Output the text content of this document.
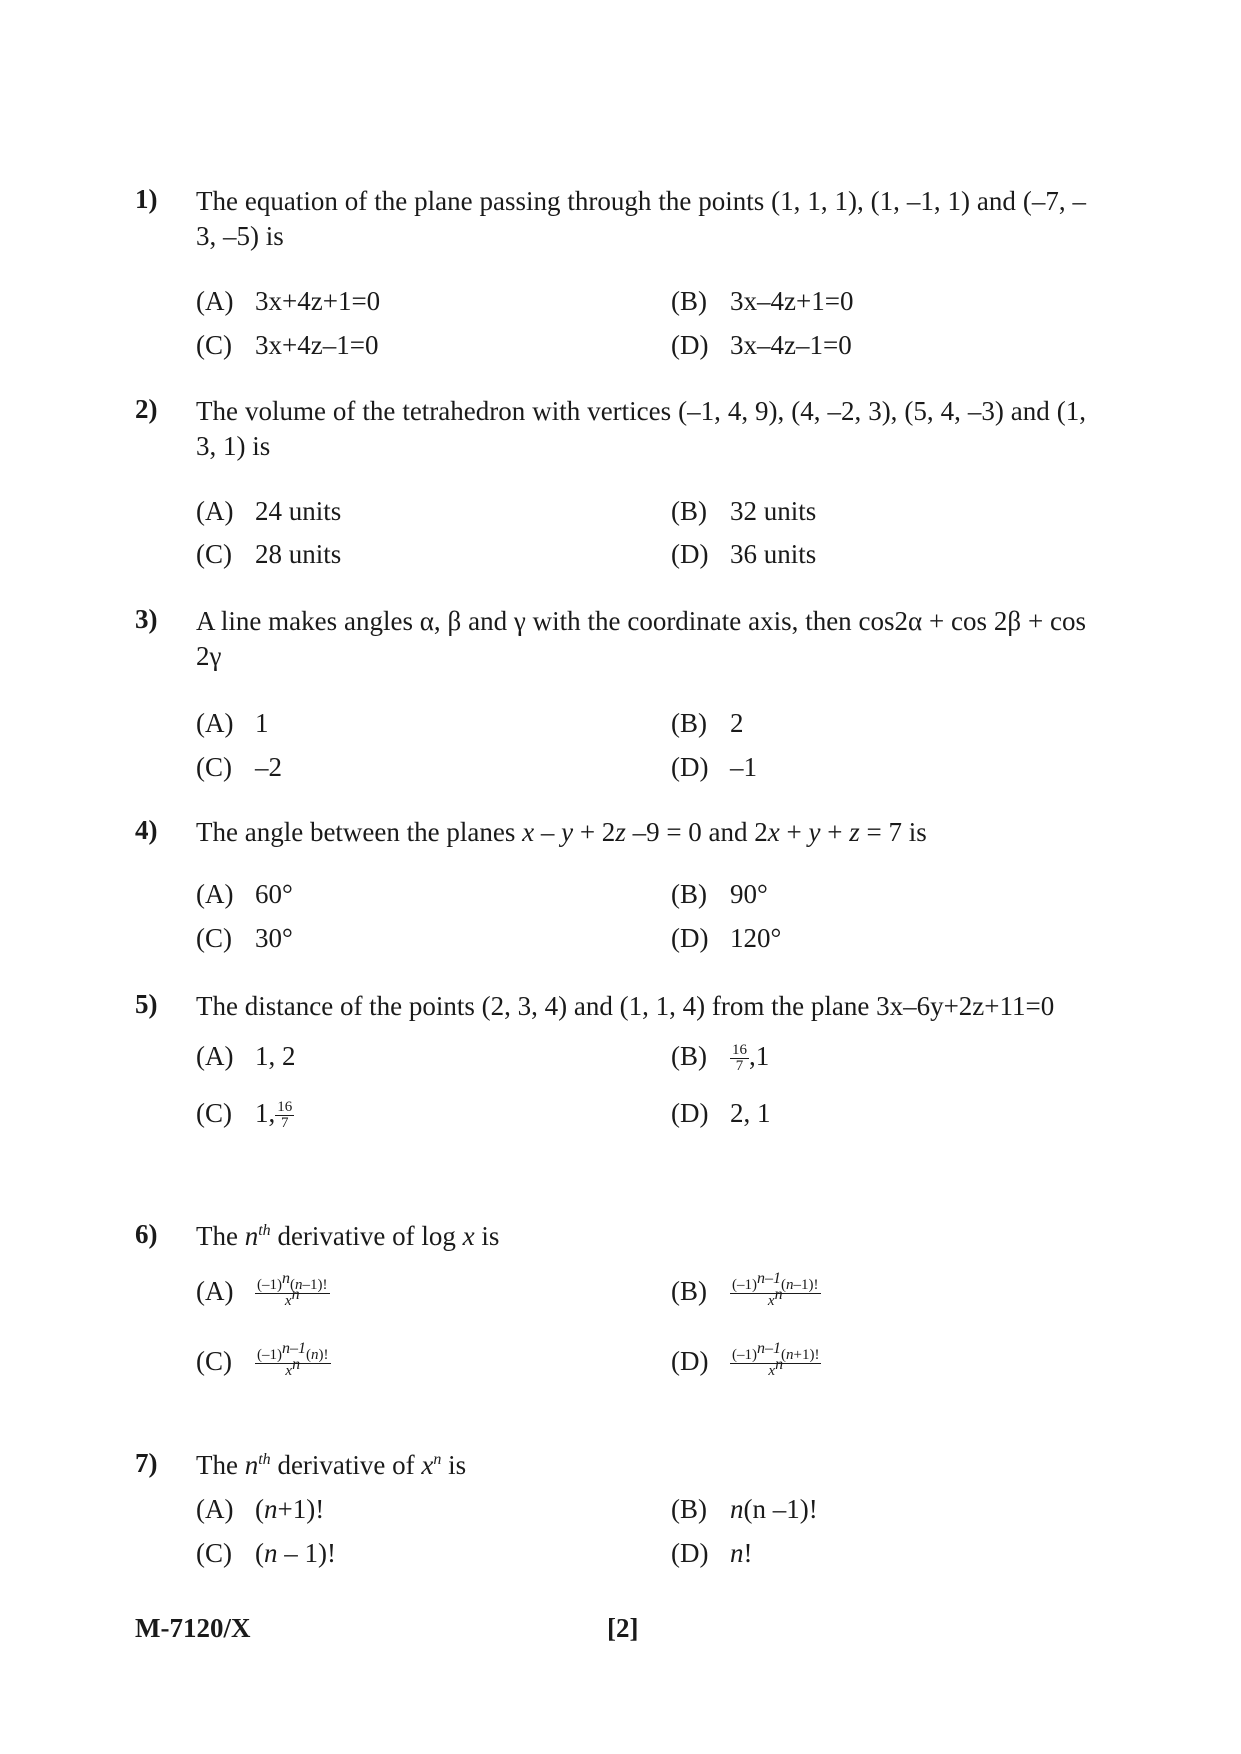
1) The equation of the plane passing through the points (1, 1, 1), (1, –1, 1) and (–7, –3, –5) is
(A) 3x+4z+1=0	(B) 3x–4z+1=0
(C) 3x+4z–1=0	(D) 3x–4z–1=0
2) The volume of the tetrahedron with vertices (–1, 4, 9), (4, –2, 3), (5, 4, –3) and (1, 3, 1) is
(A) 24 units	(B) 32 units
(C) 28 units	(D) 36 units
3) A line makes angles α, β and γ with the coordinate axis, then cos2α + cos 2β + cos 2γ
(A) 1	(B) 2
(C) –2	(D) –1
4) The angle between the planes x – y + 2z –9 = 0 and 2x + y + z = 7 is
(A) 60°	(B) 90°
(C) 30°	(D) 120°
5) The distance of the points (2, 3, 4) and (1, 1, 4) from the plane 3x–6y+2z+11=0
(A) 1, 2	$(B) \frac{16}{7} ,1$
(C) 1, $\frac{16}{7}$	(D) 2, 1
6) The $n^{th}$ derivative of log x is
$(A) \frac{(-1)^n(n-1)!}{x^n}$	$(B) \frac{(-1)^{n-1}(n-1)!}{x^n}$
$(C) \frac{(-1)^{n-1}(n)!}{x^n}$	$(D) \frac{(-1)^{n-1}(n+1)!}{x^n}$
7) The $n^{th}$ derivative of $x^n$ is
(A) (n+1)!	(B) n(n –1)!
(C) (n – 1)!	(D) n!
M-7120/X	[2]
